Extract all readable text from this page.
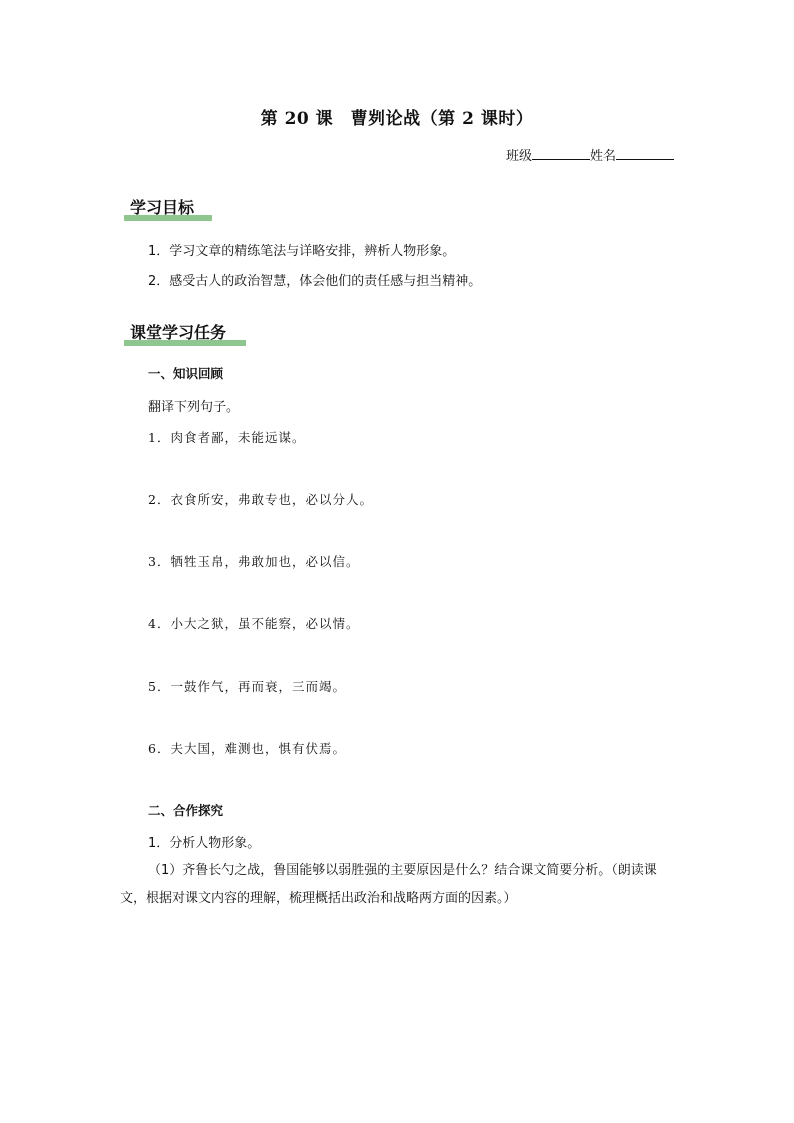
第 20 课　曹刿论战（第 2 课时）
班级	姓名
学习目标
1．学习文章的精练笔法与详略安排，辨析人物形象。
2．感受古人的政治智慧，体会他们的责任感与担当精神。
课堂学习任务
一、知识回顾
翻译下列句子。
1．肉食者鄙，未能远谋。
2．衣食所安，弗敢专也，必以分人。
3．牺牲玉帛，弗敢加也，必以信。
4．小大之狱，虽不能察，必以情。
5．一鼓作气，再而衰，三而竭。
6．夫大国，难测也，惧有伏焉。
二、合作探究
1．分析人物形象。
（1）齐鲁长勺之战，鲁国能够以弱胜强的主要原因是什么？结合课文简要分析。（朗读课文，根据对课文内容的理解，梳理概括出政治和战略两方面的因素。）
